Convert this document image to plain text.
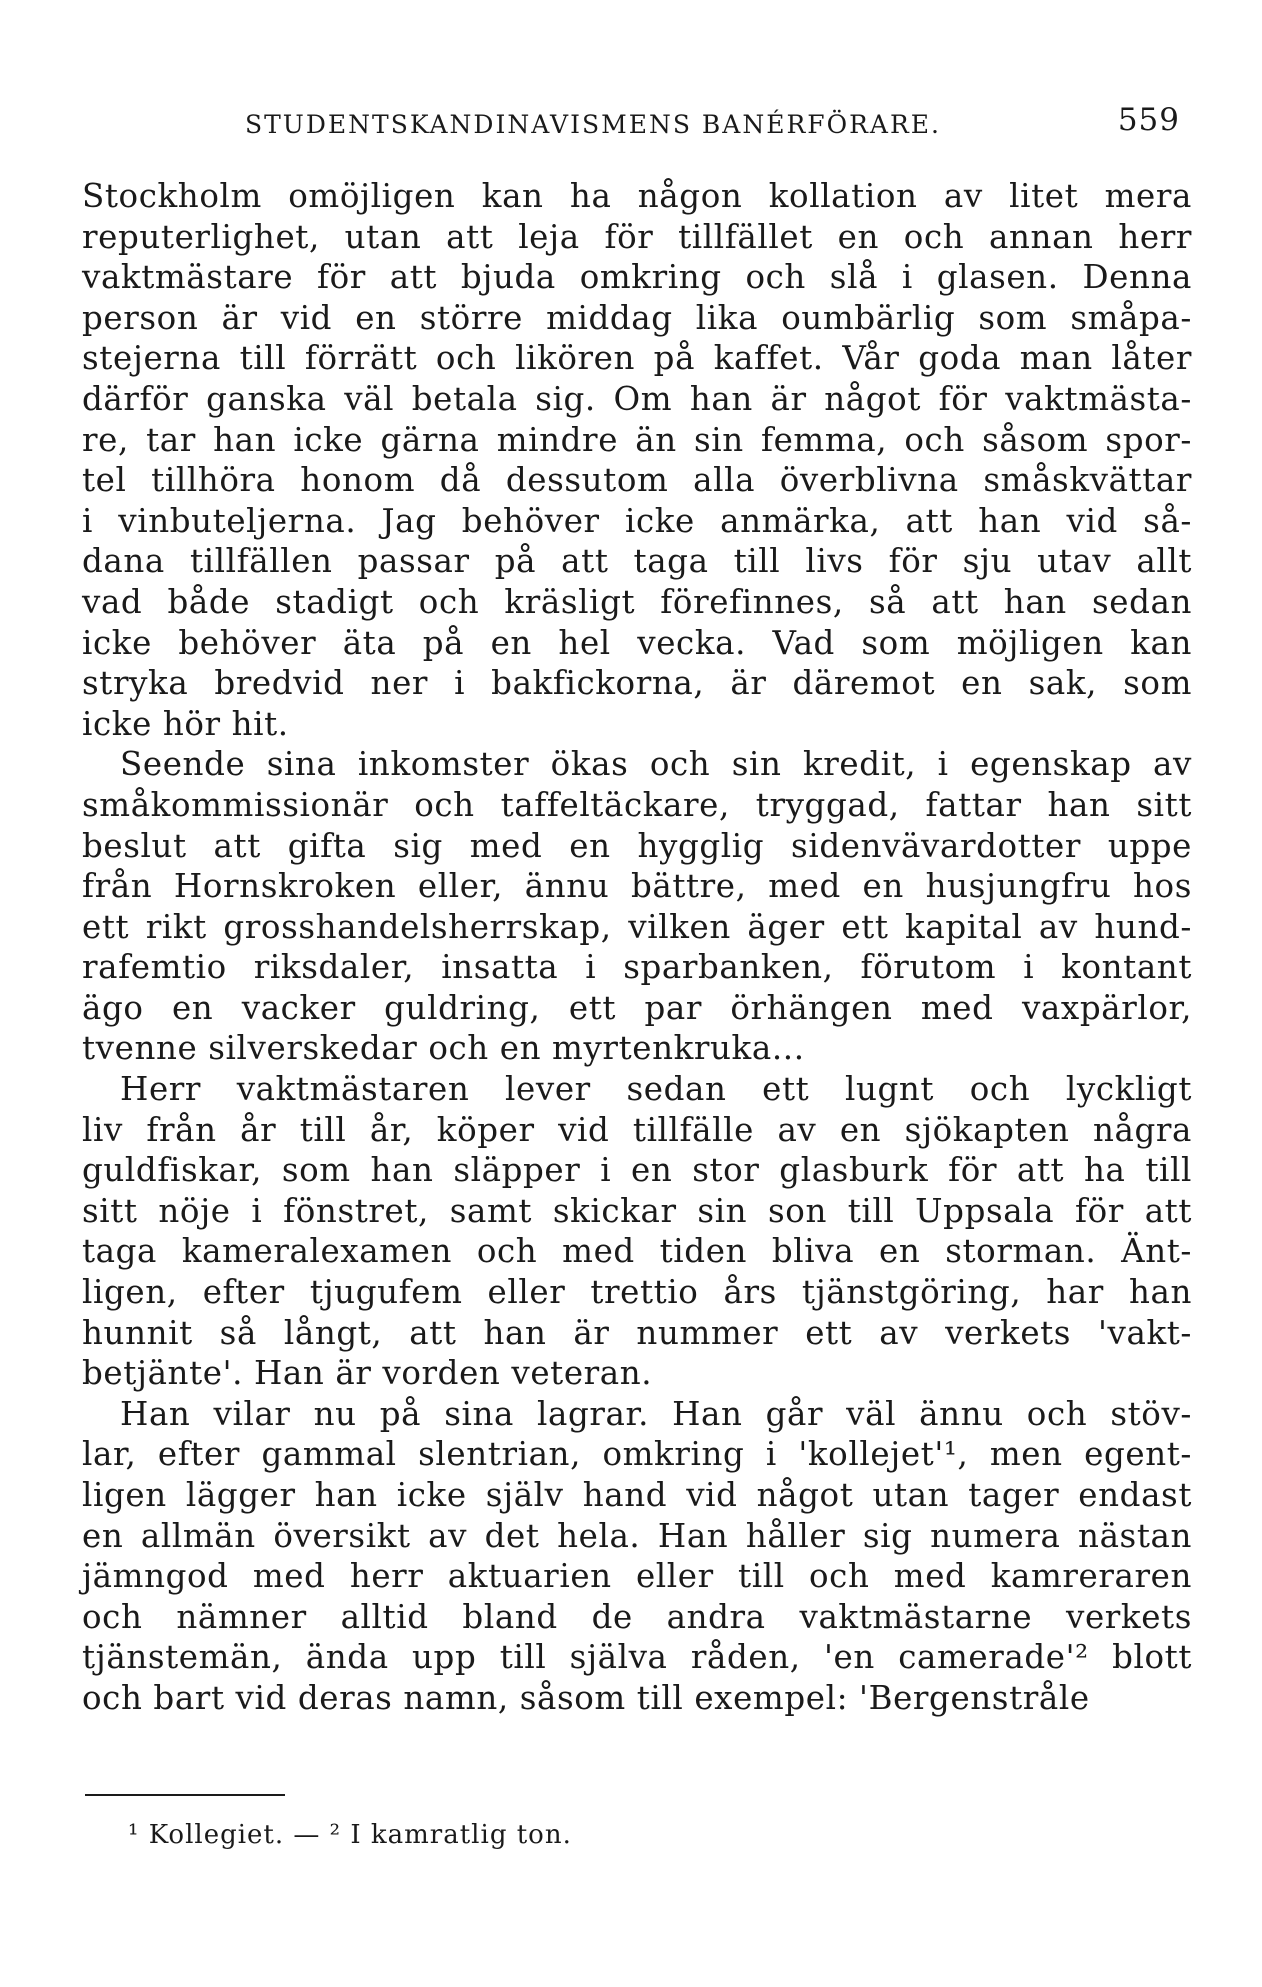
STUDENTSKANDINAVISMENS BANÉRFÖRARE.	559
Stockholm omöjligen kan ha någon kollation av litet mera
reputerlighet, utan att leja för tillfället en och annan herr
vaktmästare för att bjuda omkring och slå i glasen. Denna
person är vid en större middag lika oumbärlig som småpa-
stejerna till förrätt och likören på kaffet. Vår goda man låter
därför ganska väl betala sig. Om han är något för vaktmästa-
re, tar han icke gärna mindre än sin femma, och såsom spor-
tel tillhöra honom då dessutom alla överblivna småskvättar
i vinbuteljerna. Jag behöver icke anmärka, att han vid så-
dana tillfällen passar på att taga till livs för sju utav allt
vad både stadigt och kräsligt förefinnes, så att han sedan
icke behöver äta på en hel vecka. Vad som möjligen kan
stryka bredvid ner i bakfickorna, är däremot en sak, som
icke hör hit.
Seende sina inkomster ökas och sin kredit, i egenskap av
småkommissionär och taffeltäckare, tryggad, fattar han sitt
beslut att gifta sig med en hygglig sidenvävardotter uppe
från Hornskroken eller, ännu bättre, med en husjungfru hos
ett rikt grosshandelsherrskap, vilken äger ett kapital av hund-
rafemtio riksdaler, insatta i sparbanken, förutom i kontant
ägo en vacker guldring, ett par örhängen med vaxpärlor,
tvenne silverskedar och en myrtenkruka...
Herr vaktmästaren lever sedan ett lugnt och lyckligt
liv från år till år, köper vid tillfälle av en sjökapten några
guldfiskar, som han släpper i en stor glasburk för att ha till
sitt nöje i fönstret, samt skickar sin son till Uppsala för att
taga kameralexamen och med tiden bliva en storman. Änt-
ligen, efter tjugufem eller trettio års tjänstgöring, har han
hunnit så långt, att han är nummer ett av verkets 'vakt-
betjänte'. Han är vorden veteran.
Han vilar nu på sina lagrar. Han går väl ännu och stöv-
lar, efter gammal slentrian, omkring i 'kollejet'¹, men egent-
ligen lägger han icke själv hand vid något utan tager endast
en allmän översikt av det hela. Han håller sig numera nästan
jämngod med herr aktuarien eller till och med kamreraren
och nämner alltid bland de andra vaktmästarne verkets
tjänstemän, ända upp till själva råden, 'en camerade'² blott
och bart vid deras namn, såsom till exempel: 'Bergenstråle
¹ Kollegiet. — ² I kamratlig ton.
